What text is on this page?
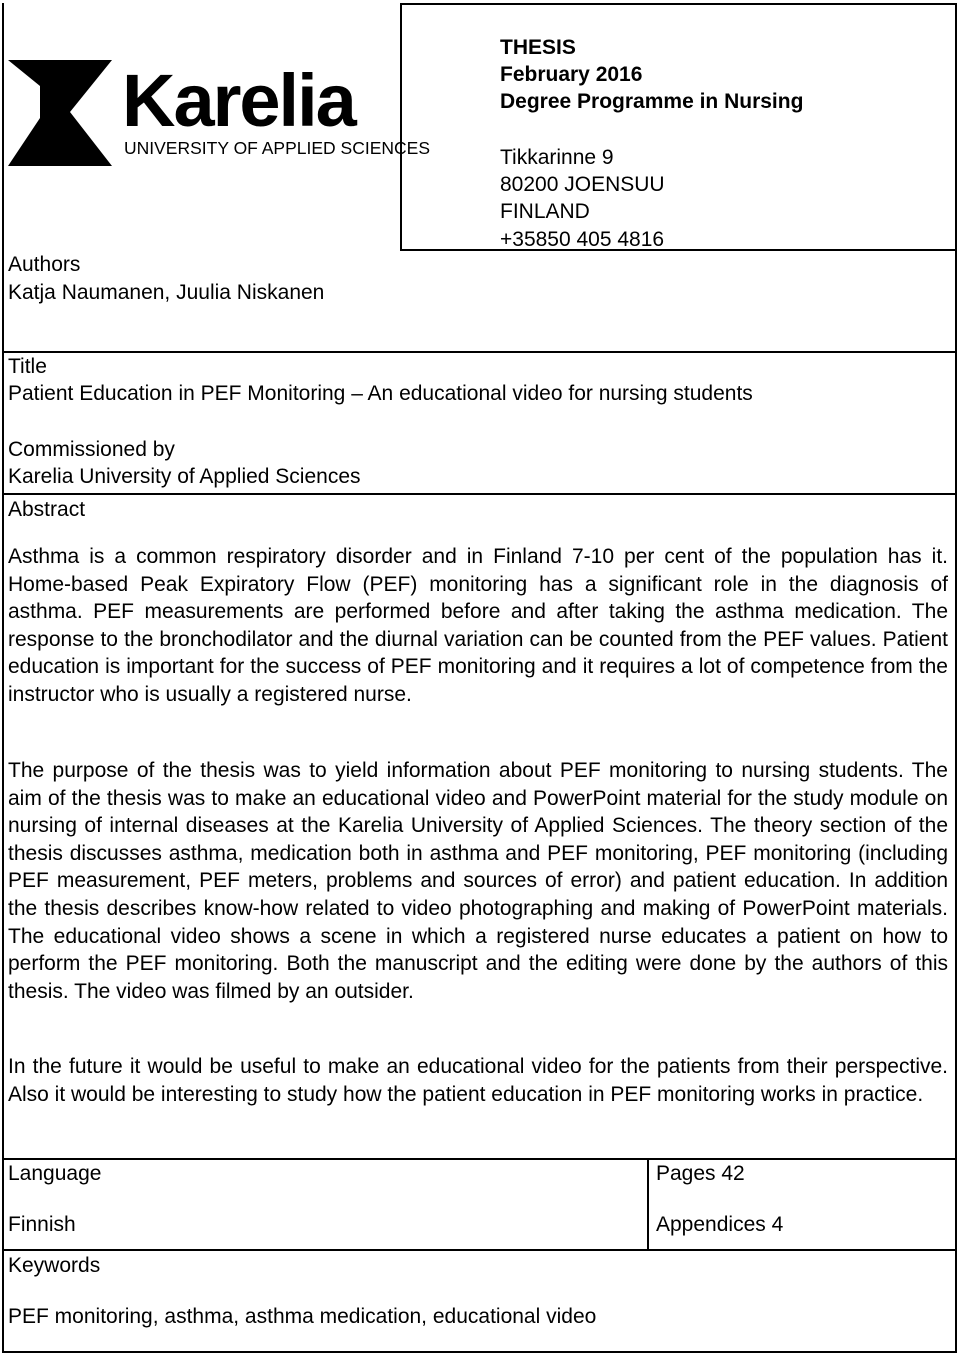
Karelia
UNIVERSITY OF APPLIED SCIENCES
THESIS
February 2016
Degree Programme in Nursing
Tikkarinne 9
80200 JOENSUU
FINLAND
+35850 405 4816
Authors
Katja Naumanen, Juulia Niskanen
Title
Patient Education in PEF Monitoring – An educational video for nursing students
Commissioned by
Karelia University of Applied Sciences
Abstract
Asthma is a common respiratory disorder and in Finland 7-10 per cent of the population has it. Home-based Peak Expiratory Flow (PEF) monitoring has a significant role in the diagnosis of asthma. PEF measurements are performed before and after taking the asthma medication. The response to the bronchodilator and the diurnal variation can be counted from the PEF values. Patient education is important for the success of PEF monitoring and it requires a lot of competence from the instructor who is usually a registered nurse.
The purpose of the thesis was to yield information about PEF monitoring to nursing students. The aim of the thesis was to make an educational video and PowerPoint material for the study module on nursing of internal diseases at the Karelia University of Applied Sciences. The theory section of the thesis discusses asthma, medication both in asthma and PEF monitoring, PEF monitoring (including PEF measurement, PEF meters, problems and sources of error) and patient education. In addition the thesis describes know-how related to video photographing and making of PowerPoint materials. The educational video shows a scene in which a registered nurse educates a patient on how to perform the PEF monitoring. Both the manuscript and the editing were done by the authors of this thesis. The video was filmed by an outsider.
In the future it would be useful to make an educational video for the patients from their perspective. Also it would be interesting to study how the patient education in PEF monitoring works in practice.
Language
Finnish
Pages 42
Appendices 4
Keywords
PEF monitoring, asthma, asthma medication, educational video
